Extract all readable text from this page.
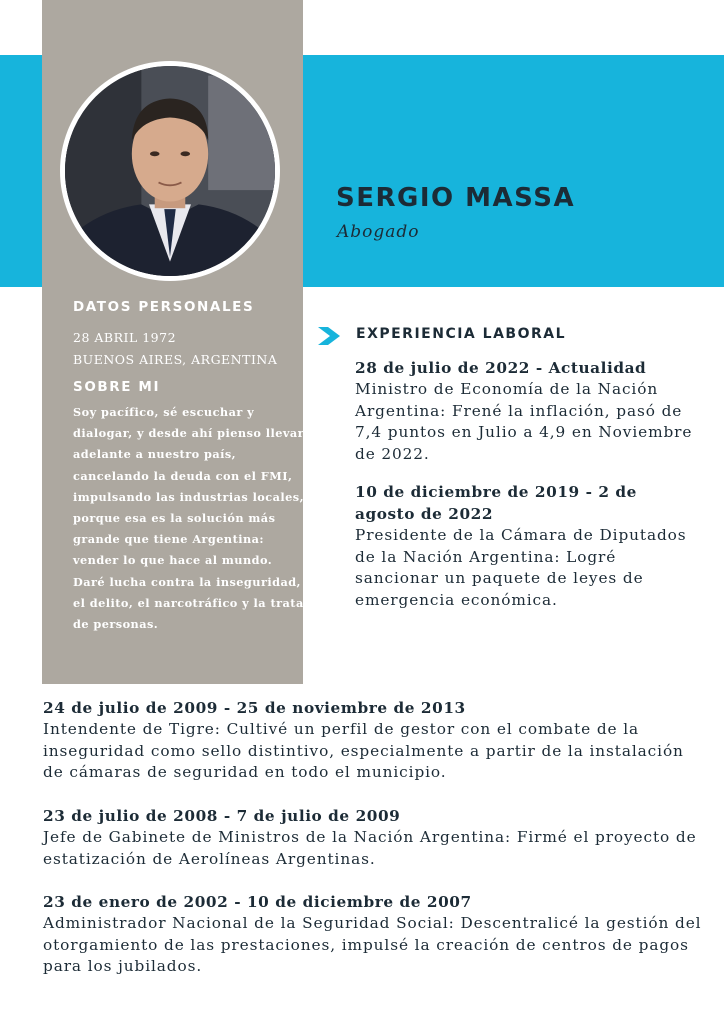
SERGIO MASSA
Abogado
DATOS PERSONALES
28 ABRIL 1972
BUENOS AIRES, ARGENTINA
SOBRE MI

Soy pacífico, sé escuchar y dialogar, y desde ahí pienso llevar adelante a nuestro país, cancelando la deuda con el FMI, impulsando las industrias locales, porque esa es la solución más grande que tiene Argentina: vender lo que hace al mundo. Daré lucha contra la inseguridad, el delito, el narcotráfico y la trata de personas.

EXPERIENCIA LABORAL
28 de julio de 2022 - Actualidad

Ministro de Economía de la Nación Argentina: Frené la inflación, pasó de 7,4 puntos en Julio a 4,9 en Noviembre de 2022.

10 de diciembre de 2019 - 2 de agosto de 2022

Presidente de la Cámara de Diputados de la Nación Argentina: Logré sancionar un paquete de leyes de emergencia económica.

24 de julio de 2009 - 25 de noviembre de 2013

Intendente de Tigre: Cultivé un perfil de gestor con el combate de la inseguridad como sello distintivo, especialmente a partir de la instalación de cámaras de seguridad en todo el municipio.

23 de julio de 2008 - 7 de julio de 2009

Jefe de Gabinete de Ministros de la Nación Argentina: Firmé el proyecto de estatización de Aerolíneas Argentinas.

23 de enero de 2002 - 10 de diciembre de 2007

Administrador Nacional de la Seguridad Social: Descentralicé la gestión del otorgamiento de las prestaciones, impulsé la creación de centros de pagos para los jubilados.
